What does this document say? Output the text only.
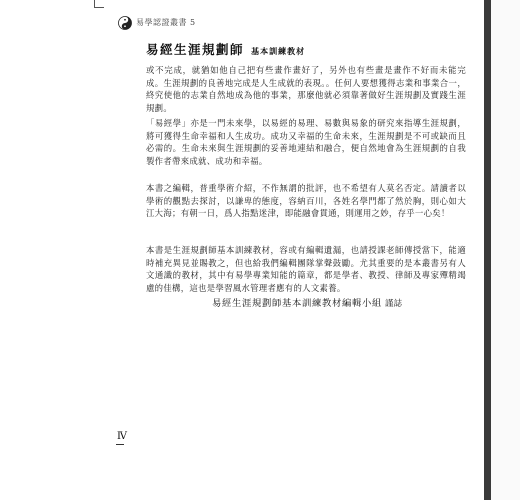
易學認證叢書 5
易經生涯規劃師 基本訓練教材

或不完成，就猶如他自己把有些畫作畫好了，另外也有些畫是畫作不好而未能完成。生涯規劃的良善地完成是人生成就的表現。。任何人要想獲得志業和事業合一，終究使他的志業自然地成為他的事業，那麼他就必須靠著做好生涯規劃及實踐生涯規劃。

「易經學」亦是一門未來學，以易經的易理、易數與易象的研究來指導生涯規劃，將可獲得生命幸福和人生成功。成功又幸福的生命未來，生涯規劃是不可或缺而且必需的。生命未來與生涯規劃的妥善地連結和融合，便自然地會為生涯規劃的自我製作者帶來成就、成功和幸福。

本書之編輯，普重學術介紹，不作無謂的批評，也不希望有人莫名否定。請讀者以學術的觀點去探討，以謙卑的態度，容納百川，各姓名學門都了然於胸，則心如大江大海；有朝一日，爲人指點迷津，即能融會貫通，則運用之妙，存乎一心矣！

本書是生涯規劃師基本訓練教材，容或有編輯遺漏，也請授課老師傳授當下，能適時補充異見並賜教之，但也給我們編輯團隊掌聲鼓勵。尤其重要的是本叢書另有人文通識的教材，其中有易學專業知能的篇章，都是學者、教授、律師及專家殫精竭慮的佳構，這也是學習風水管理者應有的人文素養。

易經生涯規劃師基本訓練教材編輯小組 謹誌
Ⅳ
